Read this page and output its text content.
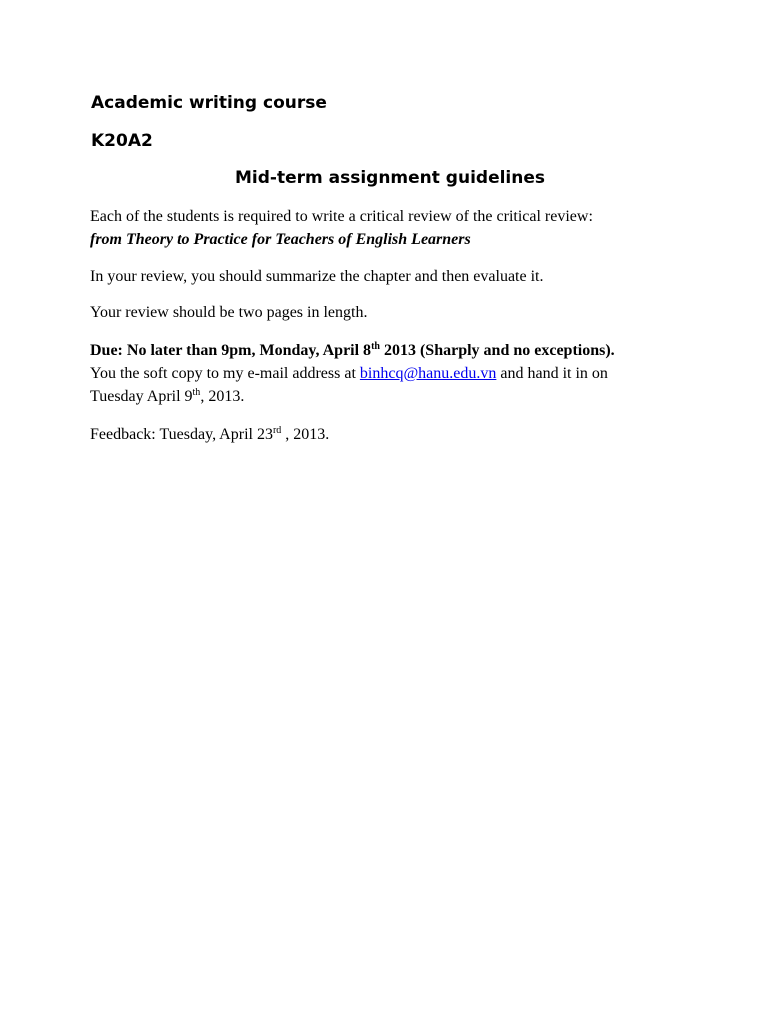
Academic writing course
K20A2
Mid-term assignment guidelines
Each of the students is required to write a critical review of the critical review:
from Theory to Practice for Teachers of English Learners
In your review, you should summarize the chapter and then evaluate it.
Your review should be two pages in length.
Due: No later than 9pm, Monday, April 8th 2013 (Sharply and no exceptions).
You the soft copy to my e-mail address at binhcq@hanu.edu.vn and hand it in on
Tuesday April 9th, 2013.
Feedback: Tuesday, April 23rd , 2013.
